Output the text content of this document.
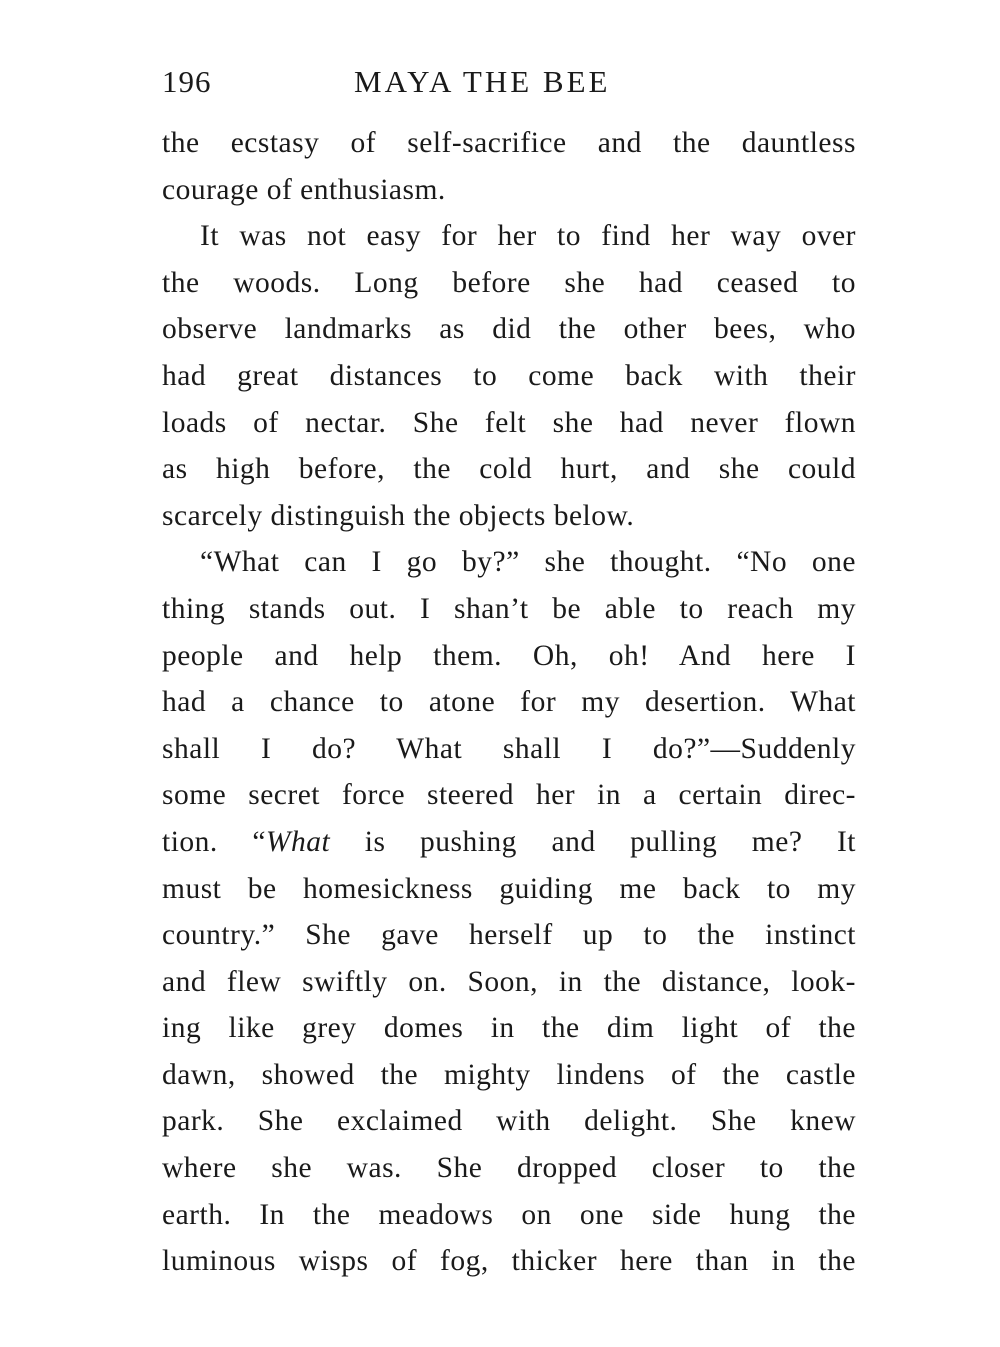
196	MAYA THE BEE
the ecstasy of self-sacrifice and the dauntless
courage of enthusiasm.
It was not easy for her to find her way over
the woods. Long before she had ceased to
observe landmarks as did the other bees, who
had great distances to come back with their
loads of nectar. She felt she had never flown
as high before, the cold hurt, and she could
scarcely distinguish the objects below.
“What can I go by?” she thought. “No one
thing stands out. I shan’t be able to reach my
people and help them. Oh, oh! And here I
had a chance to atone for my desertion. What
shall I do? What shall I do?”—Suddenly
some secret force steered her in a certain direc-
tion. “What is pushing and pulling me? It
must be homesickness guiding me back to my
country.” She gave herself up to the instinct
and flew swiftly on. Soon, in the distance, look-
ing like grey domes in the dim light of the
dawn, showed the mighty lindens of the castle
park. She exclaimed with delight. She knew
where she was. She dropped closer to the
earth. In the meadows on one side hung the
luminous wisps of fog, thicker here than in the
